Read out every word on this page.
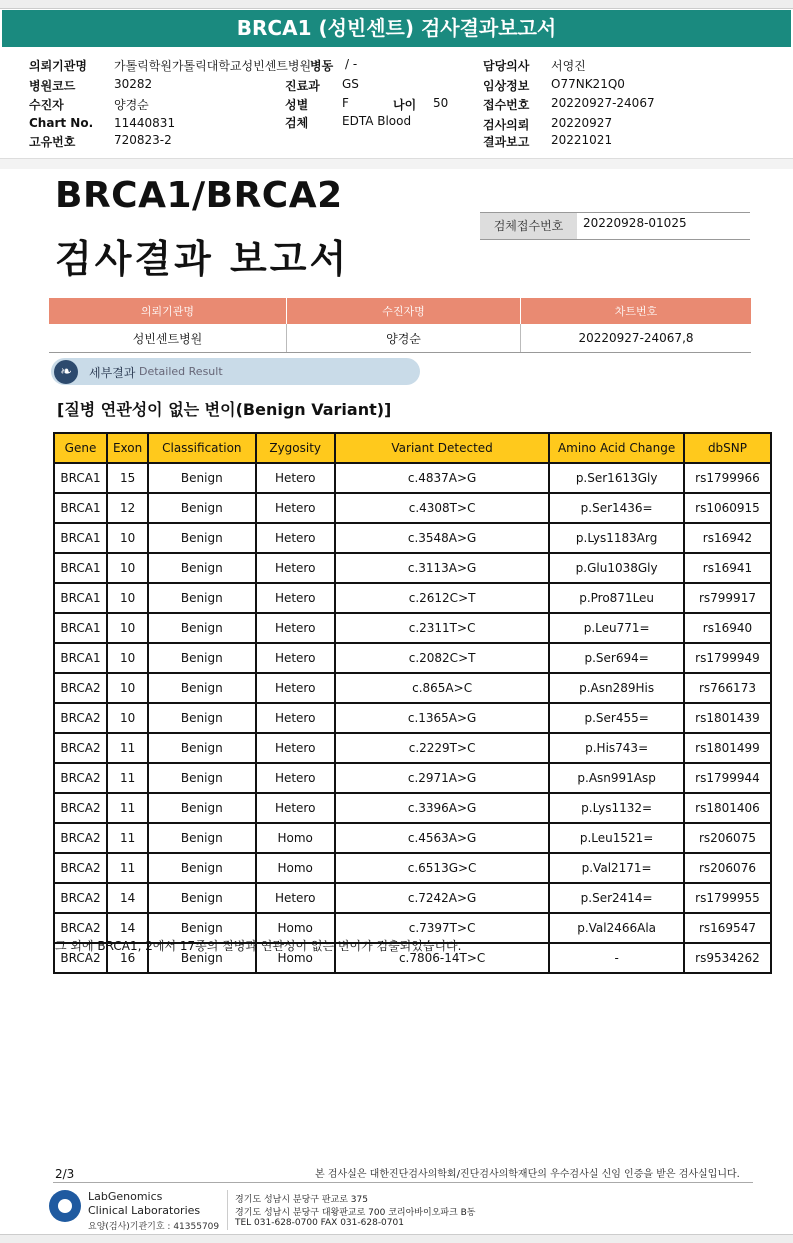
BRCA1 (성빈센트) 검사결과보고서
의뢰기관명 가톨릭학원가톨릭대학교성빈센트병원
병동 / -	담당의사 서영진
병원코드	30282	진료과 GS	임상정보 O77NK21Q0
수진자	양경순	성별	F	나이 50	접수번호 20220927-24067
Chart No. 11440831	검체	EDTA Blood	검사의뢰 20220927
고유번호	720823-2	결과보고 20221021
BRCA1/BRCA2
검사결과 보고서
검체접수번호	20220928-01025
의뢰기관명	수진자명	차트번호
성빈센트병원	양경순	20220927-24067,8
❧	세부결과 Detailed Result
[질병 연관성이 없는 변이(Benign Variant)]
Gene	Exon	Classification	Zygosity	Variant Detected	Amino Acid Change	dbSNP
BRCA1	15	Benign	Hetero	c.4837A>G	p.Ser1613Gly	rs1799966
BRCA1	12	Benign	Hetero	c.4308T>C	p.Ser1436=	rs1060915
BRCA1	10	Benign	Hetero	c.3548A>G	p.Lys1183Arg	rs16942
BRCA1	10	Benign	Hetero	c.3113A>G	p.Glu1038Gly	rs16941
BRCA1	10	Benign	Hetero	c.2612C>T	p.Pro871Leu	rs799917
BRCA1	10	Benign	Hetero	c.2311T>C	p.Leu771=	rs16940
BRCA1	10	Benign	Hetero	c.2082C>T	p.Ser694=	rs1799949
BRCA2	10	Benign	Hetero	c.865A>C	p.Asn289His	rs766173
BRCA2	10	Benign	Hetero	c.1365A>G	p.Ser455=	rs1801439
BRCA2	11	Benign	Hetero	c.2229T>C	p.His743=	rs1801499
BRCA2	11	Benign	Hetero	c.2971A>G	p.Asn991Asp	rs1799944
BRCA2	11	Benign	Hetero	c.3396A>G	p.Lys1132=	rs1801406
BRCA2	11	Benign	Homo	c.4563A>G	p.Leu1521=	rs206075
BRCA2	11	Benign	Homo	c.6513G>C	p.Val2171=	rs206076
BRCA2	14	Benign	Hetero	c.7242A>G	p.Ser2414=	rs1799955
BRCA2	14	Benign	Homo	c.7397T>C	p.Val2466Ala	rs169547
BRCA2	16	Benign	Homo	c.7806-14T>C	-	rs9534262
그 외에 BRCA1, 2에서 17종의 질병과 연관성이 없는 변이가 검출되었습니다.
2/3	본 검사실은 대한진단검사의학회/진단검사의학재단의 우수검사실 신임 인증을 받은 검사실입니다.
LabGenomics
Clinical Laboratories
요양(검사)기관기호 : 41355709
경기도 성남시 분당구 판교로 375
경기도 성남시 분당구 대왕판교로 700 코리아바이오파크 B동
TEL 031-628-0700 FAX 031-628-0701
